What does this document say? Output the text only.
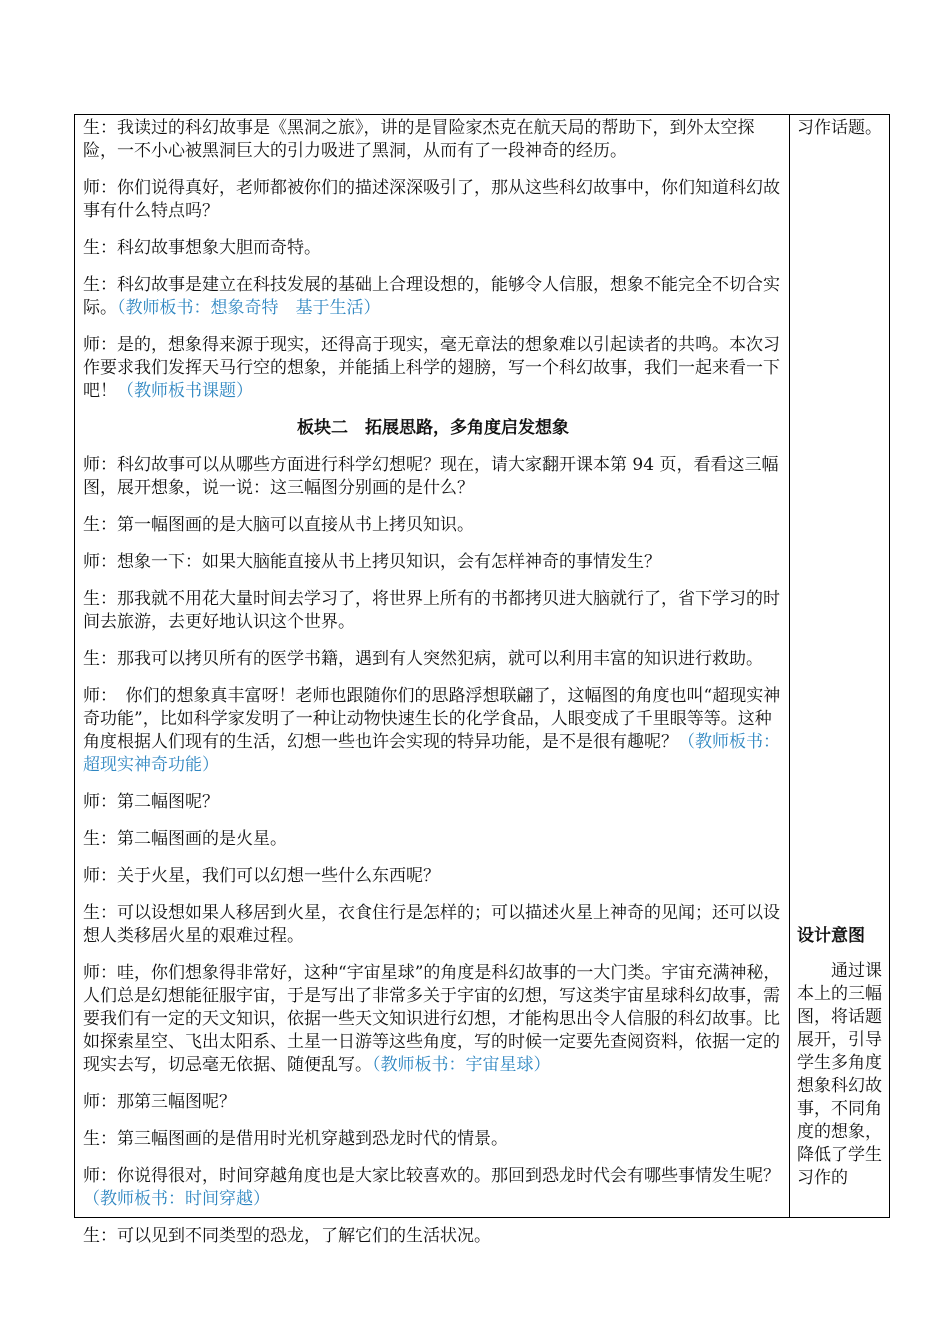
生：我读过的科幻故事是《黑洞之旅》，讲的是冒险家杰克在航天局的帮助下，到外太空探险，一不小心被黑洞巨大的引力吸进了黑洞，从而有了一段神奇的经历。

师：你们说得真好，老师都被你们的描述深深吸引了，那从这些科幻故事中，你们知道科幻故事有什么特点吗？

生：科幻故事想象大胆而奇特。

生：科幻故事是建立在科技发展的基础上合理设想的，能够令人信服，想象不能完全不切合实际。（教师板书：想象奇特　基于生活）

师：是的，想象得来源于现实，还得高于现实，毫无章法的想象难以引起读者的共鸣。本次习作要求我们发挥天马行空的想象，并能插上科学的翅膀，写一个科幻故事，我们一起来看一下吧！（教师板书课题）

板块二　拓展思路，多角度启发想象

师：科幻故事可以从哪些方面进行科学幻想呢？现在，请大家翻开课本第 94 页，看看这三幅图，展开想象，说一说：这三幅图分别画的是什么？

生：第一幅图画的是大脑可以直接从书上拷贝知识。

师：想象一下：如果大脑能直接从书上拷贝知识，会有怎样神奇的事情发生？

生：那我就不用花大量时间去学习了，将世界上所有的书都拷贝进大脑就行了，省下学习的时间去旅游，去更好地认识这个世界。

生：那我可以拷贝所有的医学书籍，遇到有人突然犯病，就可以利用丰富的知识进行救助。

师：　你们的想象真丰富呀！老师也跟随你们的思路浮想联翩了，这幅图的角度也叫“超现实神奇功能”，比如科学家发明了一种让动物快速生长的化学食品，人眼变成了千里眼等等。这种角度根据人们现有的生活，幻想一些也许会实现的特异功能，是不是很有趣呢？（教师板书：超现实神奇功能）

师：第二幅图呢？

生：第二幅图画的是火星。

师：关于火星，我们可以幻想一些什么东西呢？

生：可以设想如果人移居到火星，衣食住行是怎样的；可以描述火星上神奇的见闻；还可以设想人类移居火星的艰难过程。

师：哇，你们想象得非常好，这种“宇宙星球”的角度是科幻故事的一大门类。宇宙充满神秘，人们总是幻想能征服宇宙，于是写出了非常多关于宇宙的幻想，写这类宇宙星球科幻故事，需要我们有一定的天文知识，依据一些天文知识进行幻想，才能构思出令人信服的科幻故事。比如探索星空、飞出太阳系、土星一日游等这些角度，写的时候一定要先查阅资料，依据一定的现实去写，切忌毫无依据、随便乱写。（教师板书：宇宙星球）

师：那第三幅图呢？

生：第三幅图画的是借用时光机穿越到恐龙时代的情景。

师：你说得很对，时间穿越角度也是大家比较喜欢的。那回到恐龙时代会有哪些事情发生呢？（教师板书：时间穿越）

生：可以见到不同类型的恐龙，了解它们的生活状况。

习作话题。
设计意图
通过课本上的三幅图，将话题展开，引导学生多角度想象科幻故事，不同角度的想象，降低了学生习作的
